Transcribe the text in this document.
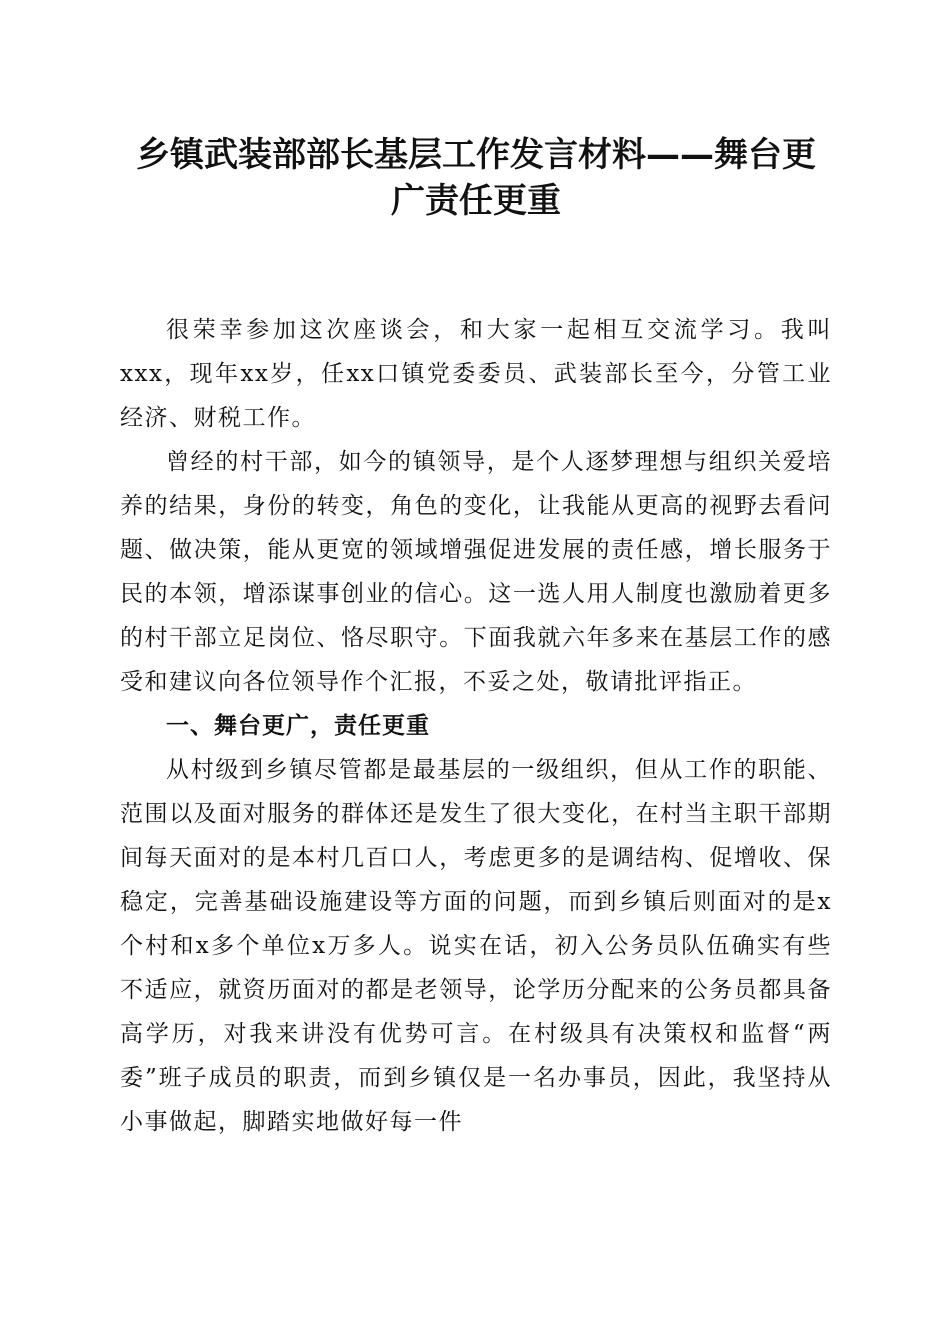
乡镇武装部部长基层工作发言材料——舞台更
广责任更重

很荣幸参加这次座谈会，和大家一起相互交流学习。我叫xxx，现年xx岁，任xx口镇党委委员、武装部长至今，分管工业经济、财税工作。

曾经的村干部，如今的镇领导，是个人逐梦理想与组织关爱培养的结果，身份的转变，角色的变化，让我能从更高的视野去看问题、做决策，能从更宽的领域增强促进发展的责任感，增长服务于民的本领，增添谋事创业的信心。这一选人用人制度也激励着更多的村干部立足岗位、恪尽职守。下面我就六年多来在基层工作的感受和建议向各位领导作个汇报，不妥之处，敬请批评指正。

一、舞台更广，责任更重

从村级到乡镇尽管都是最基层的一级组织，但从工作的职能、范围以及面对服务的群体还是发生了很大变化，在村当主职干部期间每天面对的是本村几百口人，考虑更多的是调结构、促增收、保稳定，完善基础设施建设等方面的问题，而到乡镇后则面对的是x个村和x多个单位x万多人。说实在话，初入公务员队伍确实有些不适应，就资历面对的都是老领导，论学历分配来的公务员都具备高学历，对我来讲没有优势可言。在村级具有决策权和监督“两委”班子成员的职责，而到乡镇仅是一名办事员，因此，我坚持从小事做起，脚踏实地做好每一件
